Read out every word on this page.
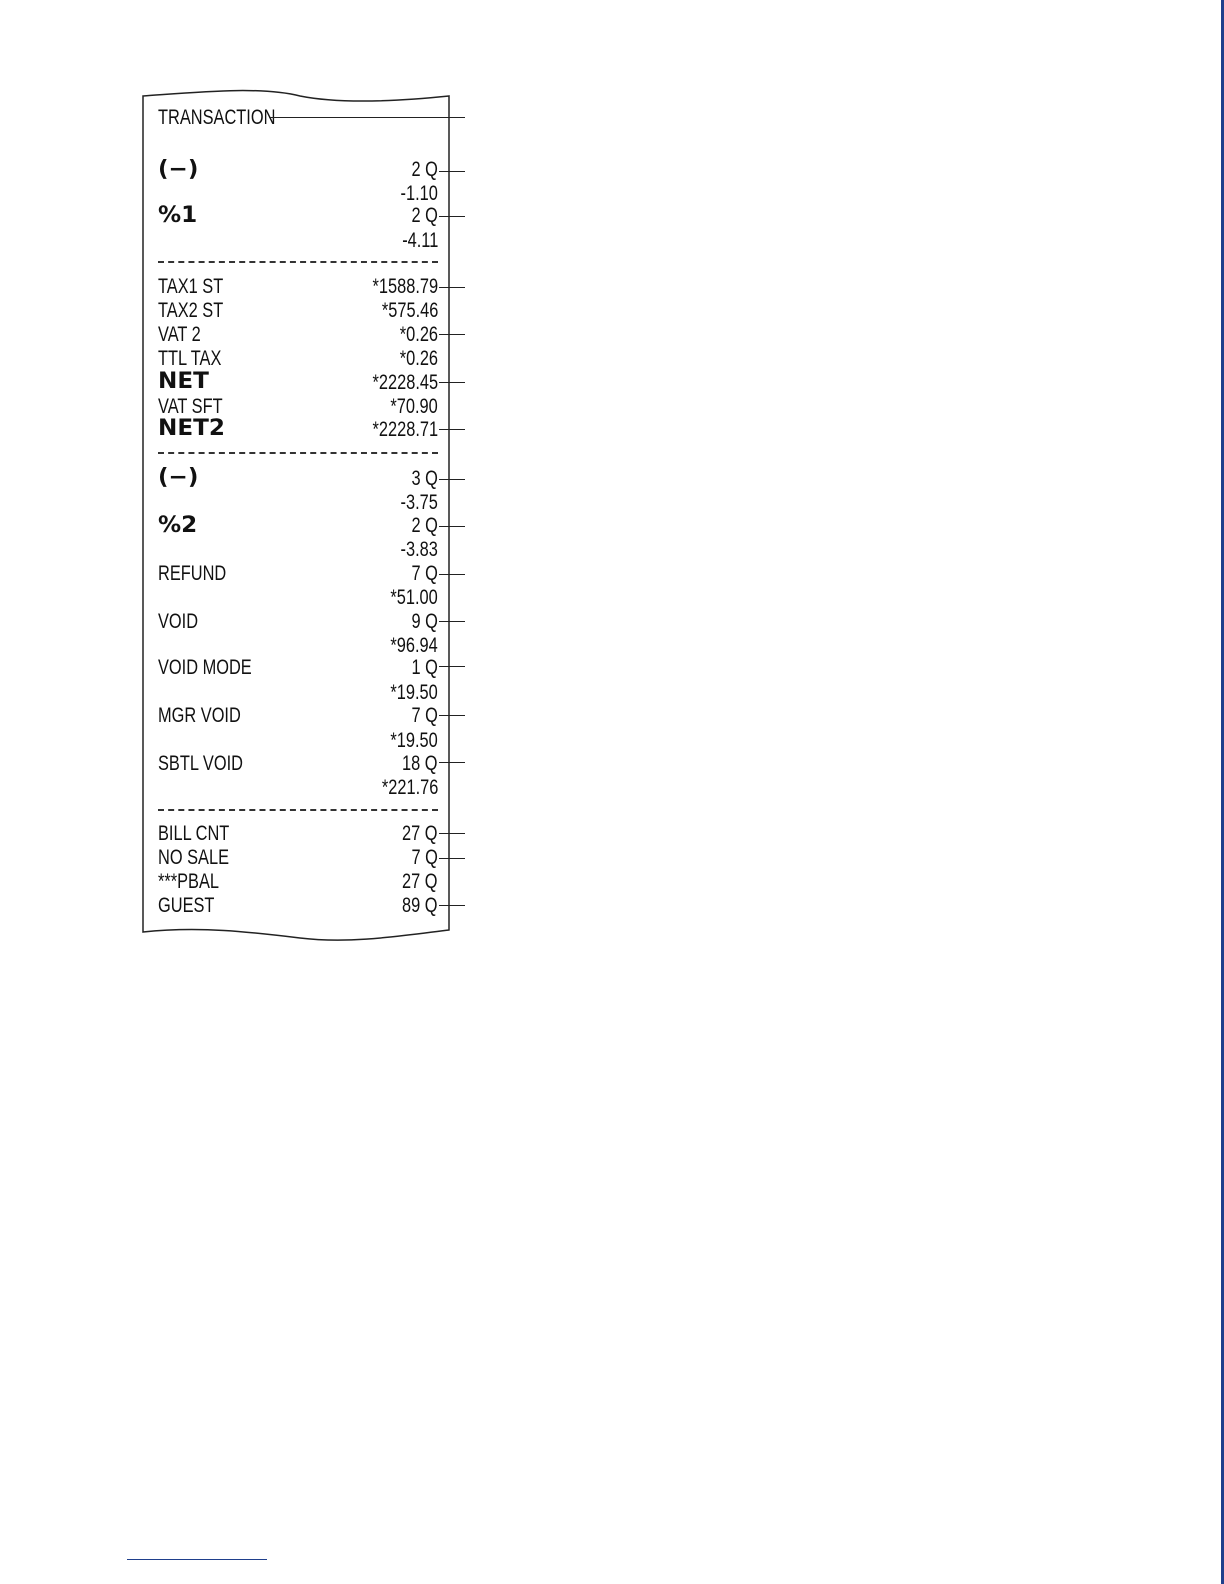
TRANSACTION
(−)	2 Q
-1.10
%1	2 Q
-4.11
TAX1 ST	*1588.79
TAX2 ST	*575.46
VAT 2	*0.26
TTL TAX	*0.26
NET	*2228.45
VAT SFT	*70.90
NET2	*2228.71
(−)	3 Q
-3.75
%2	2 Q
-3.83
REFUND	7 Q
*51.00
VOID	9 Q
*96.94
VOID MODE	1 Q
*19.50
MGR VOID	7 Q
*19.50
SBTL VOID	18 Q
*221.76
BILL CNT	27 Q
NO SALE	7 Q
***PBAL	27 Q
GUEST	89 Q
